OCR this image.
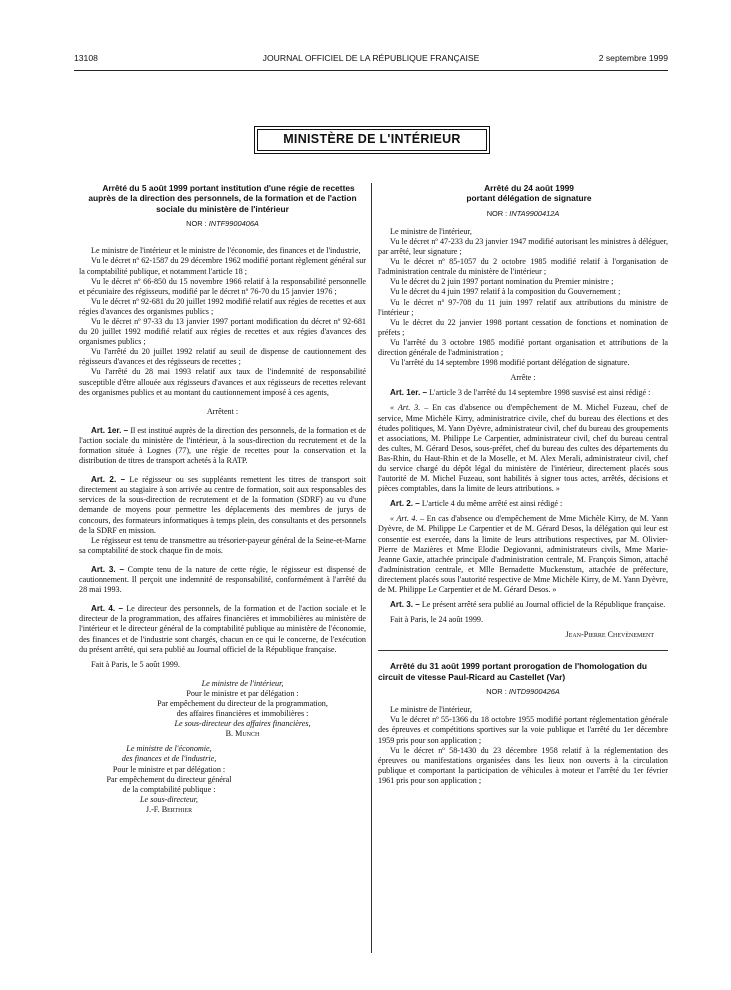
13108	JOURNAL OFFICIEL DE LA RÉPUBLIQUE FRANÇAISE	2 septembre 1999
MINISTÈRE DE L'INTÉRIEUR

Arrêté du 5 août 1999 portant institution d'une régie de recettes auprès de la direction des personnels, de la formation et de l'action sociale du ministère de l'intérieur

NOR : INTF9900406A

Le ministre de l'intérieur et le ministre de l'économie, des finances et de l'industrie,

Vu le décret nº 62-1587 du 29 décembre 1962 modifié portant règlement général sur la comptabilité publique, et notamment l'article 18 ;

Vu le décret nº 66-850 du 15 novembre 1966 relatif à la responsabilité personnelle et pécuniaire des régisseurs, modifié par le décret nº 76-70 du 15 janvier 1976 ;

Vu le décret nº 92-681 du 20 juillet 1992 modifié relatif aux régies de recettes et aux régies d'avances des organismes publics ;

Vu le décret nº 97-33 du 13 janvier 1997 portant modification du décret nº 92-681 du 20 juillet 1992 modifié relatif aux régies de recettes et aux régies d'avances des organismes publics ;

Vu l'arrêté du 20 juillet 1992 relatif au seuil de dispense de cautionnement des régisseurs d'avances et des régisseurs de recettes ;

Vu l'arrêté du 28 mai 1993 relatif aux taux de l'indemnité de responsabilité susceptible d'être allouée aux régisseurs d'avances et aux régisseurs de recettes relevant des organismes publics et au montant du cautionnement imposé à ces agents,

Arrêtent :

Art. 1er. – Il est institué auprès de la direction des personnels, de la formation et de l'action sociale du ministère de l'intérieur, à la sous-direction du recrutement et de la formation située à Lognes (77), une régie de recettes pour la conservation et la distribution de titres de transport achetés à la RATP.

Art. 2. – Le régisseur ou ses suppléants remettent les titres de transport soit directement au stagiaire à son arrivée au centre de formation, soit aux responsables des services de la sous-direction de recrutement et de la formation (SDRF) au vu d'une demande de moyens pour permettre les déplacements des membres de jurys de concours, des formateurs informatiques à temps plein, des consultants et des personnels de la SDRF en mission.

Le régisseur est tenu de transmettre au trésorier-payeur général de la Seine-et-Marne sa comptabilité de stock chaque fin de mois.

Art. 3. – Compte tenu de la nature de cette régie, le régisseur est dispensé de cautionnement. Il perçoit une indemnité de responsabilité, conformément à l'arrêté du 28 mai 1993.

Art. 4. – Le directeur des personnels, de la formation et de l'action sociale et le directeur de la programmation, des affaires financières et immobilières au ministère de l'intérieur et le directeur général de la comptabilité publique au ministère de l'économie, des finances et de l'industrie sont chargés, chacun en ce qui le concerne, de l'exécution du présent arrêté, qui sera publié au Journal officiel de la République française.

Fait à Paris, le 5 août 1999.

Le ministre de l'intérieur,

Pour le ministre et par délégation :

Par empêchement du directeur de la programmation,

des affaires financières et immobilières :

Le sous-directeur des affaires financières,

B. Munch

Le ministre de l'économie,

des finances et de l'industrie,

Pour le ministre et par délégation :

Par empêchement du directeur général

de la comptabilité publique :

Le sous-directeur,

J.-F. Berthier

Arrêté du 24 août 1999

portant délégation de signature

NOR : INTA9900412A

Le ministre de l'intérieur,

Vu le décret nº 47-233 du 23 janvier 1947 modifié autorisant les ministres à déléguer, par arrêté, leur signature ;

Vu le décret nº 85-1057 du 2 octobre 1985 modifié relatif à l'organisation de l'administration centrale du ministère de l'intérieur ;

Vu le décret du 2 juin 1997 portant nomination du Premier ministre ;

Vu le décret du 4 juin 1997 relatif à la composition du Gouvernement ;

Vu le décret nº 97-708 du 11 juin 1997 relatif aux attributions du ministre de l'intérieur ;

Vu le décret du 22 janvier 1998 portant cessation de fonctions et nomination de préfets ;

Vu l'arrêté du 3 octobre 1985 modifié portant organisation et attributions de la direction générale de l'administration ;

Vu l'arrêté du 14 septembre 1998 modifié portant délégation de signature.

Arrête :

Art. 1er. – L'article 3 de l'arrêté du 14 septembre 1998 susvisé est ainsi rédigé :

« Art. 3. – En cas d'absence ou d'empêchement de M. Michel Fuzeau, chef de service, Mme Michèle Kirry, administratrice civile, chef du bureau des élections et des études politiques, M. Yann Dyèvre, administrateur civil, chef du bureau des groupements et associations, M. Philippe Le Carpentier, administrateur civil, chef du bureau central des cultes, M. Gérard Desos, sous-préfet, chef du bureau des cultes des départements du Bas-Rhin, du Haut-Rhin et de la Moselle, et M. Alex Merali, administrateur civil, chef du service chargé du dépôt légal du ministère de l'intérieur, directement placés sous l'autorité de M. Michel Fuzeau, sont habilités à signer tous actes, arrêtés, décisions et pièces comptables, dans la limite de leurs attributions. »

Art. 2. – L'article 4 du même arrêté est ainsi rédigé :

« Art. 4. – En cas d'absence ou d'empêchement de Mme Michèle Kirry, de M. Yann Dyèvre, de M. Philippe Le Carpentier et de M. Gérard Desos, la délégation qui leur est consentie est exercée, dans la limite de leurs attributions respectives, par M. Olivier-Pierre de Mazières et Mme Elodie Degiovanni, administrateurs civils, Mme Marie-Jeanne Gaxie, attachée principale d'administration centrale, M. François Simon, attaché d'administration centrale, et Mlle Bernadette Muckenstum, attachée de préfecture, directement placés sous l'autorité respective de Mme Michèle Kirry, de M. Yann Dyèvre, de M. Philippe Le Carpentier et de M. Gérard Desos. »

Art. 3. – Le présent arrêté sera publié au Journal officiel de la République française.

Fait à Paris, le 24 août 1999.

Jean-Pierre Chevènement

Arrêté du 31 août 1999 portant prorogation de l'homologation du circuit de vitesse Paul-Ricard au Castellet (Var)

NOR : INTD9900426A

Le ministre de l'intérieur,

Vu le décret nº 55-1366 du 18 octobre 1955 modifié portant réglementation générale des épreuves et compétitions sportives sur la voie publique et l'arrêté du 1er décembre 1959 pris pour son application ;

Vu le décret nº 58-1430 du 23 décembre 1958 relatif à la réglementation des épreuves ou manifestations organisées dans les lieux non ouverts à la circulation publique et comportant la participation de véhicules à moteur et l'arrêté du 1er février 1961 pris pour son application ;
